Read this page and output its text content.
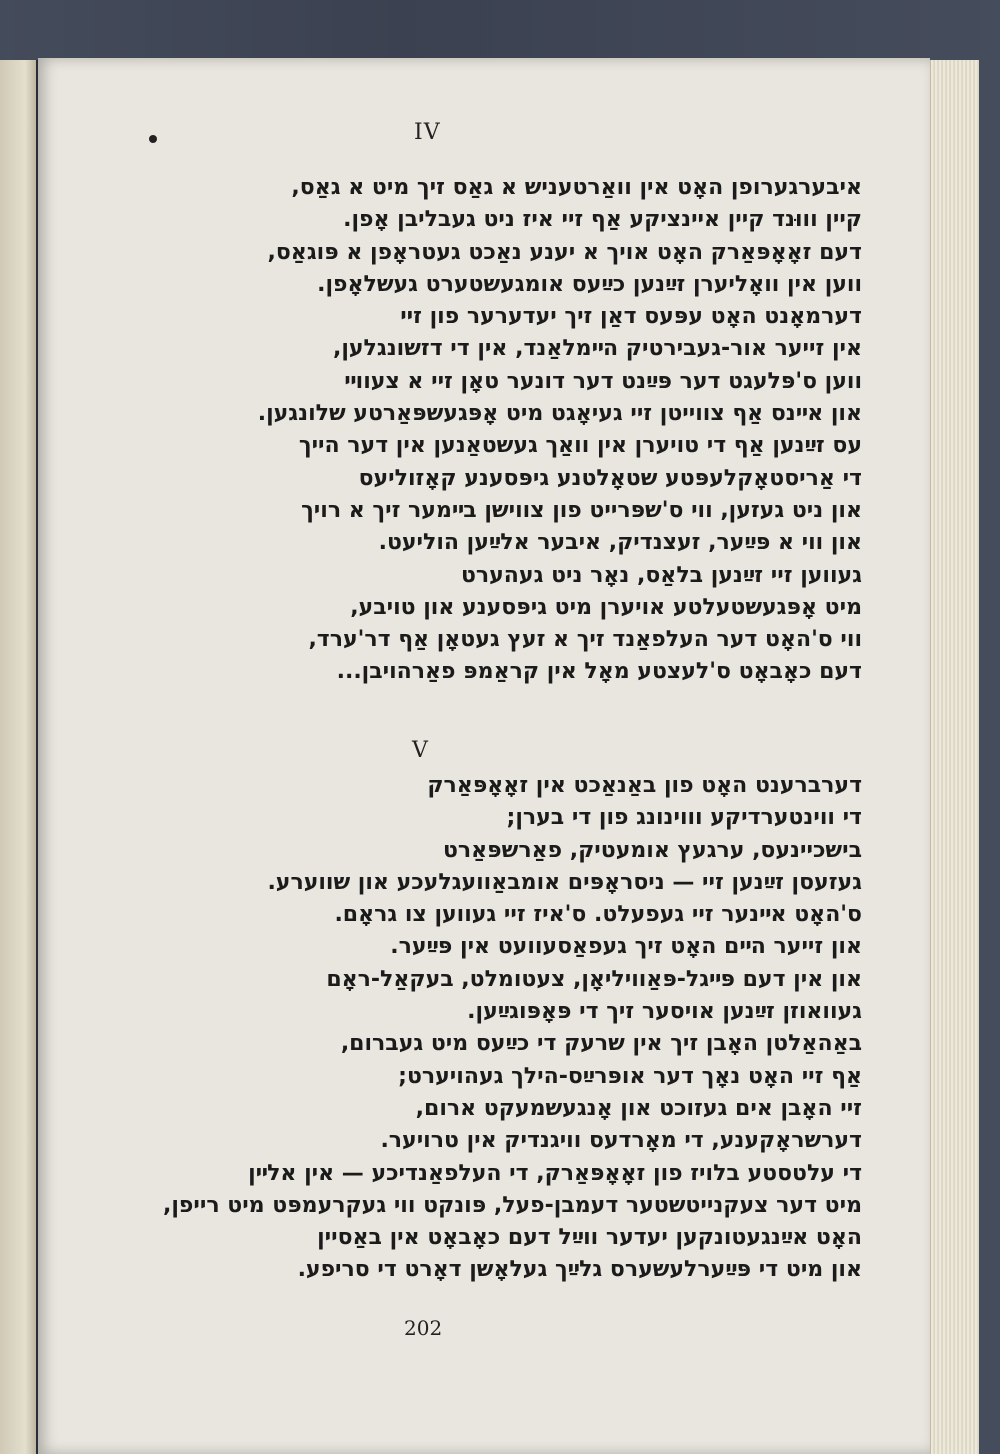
IV
איבערגערופן האָט אין וואַרטעניש א גאַס זיך מיט א גאַס,
קיין וווּנד קיין איינציקע אַף זיי איז ניט געבליבן אָפן.
דעם זאָאָפּאַרק האָט אויך א יענע נאַכט געטראָפן א פּוגאַס,
ווען אין וואָליערן זײַנען כײַעס אומגעשטערט געשלאָפן.
דערמאָנט האָט עפּעס דאַן זיך יעדערער פון זיי
אין זייער אור-געבירטיק הײמלאַנד, אין די דזשונגלען,
ווען ס'פּלעגט דער פּײַנט דער דונער טאָן זיי א צעווײ
און אײנס אַף צווייטן זיי געיאָגט מיט אָפּגעשפּאַרטע שלונגען.
עס זײַנען אַף די טויערן אין וואַך געשטאַנען אין דער הייך
די אַריסטאָקלעפּטע שטאָלטנע גיפּסענע קאָזוליעס
און ניט געזען, ווי ס'שפּרייט פון צווישן בײמער זיך א רויך
און ווי א פּײַער, זעצנדיק, איבער אלײַען הוליעט.
געווען זיי זײַנען בלאַס, נאָר ניט געהערט
מיט אָפּגעשטעלטע אויערן מיט גיפּסענע און טויבע,
ווי ס'האָט דער העלפאַנד זיך א זעץ געטאָן אַף דר'ערד,
דעם כאָבאָט ס'לעצטע מאָל אין קראַמפּ פאַרהויבן...
V
דערברענט האָט פון באַנאַכט אין זאָאָפּאַרק
די ווינטערדיקע וווינונג פון די בערן;
בישכיינעס, ערגעץ אומעטיק, פאַרשפּאַרט
געזעסן זײַנען זיי — ניסראָפּים אומבאַוועגלעכע און שווערע.
ס'האָט אײנער זיי געפעלט. ס'איז זיי געווען צו גראָם.
און זייער הײם האָט זיך געפאַסעוועט אין פּײַער.
און אין דעם פּײגל-פּאַוויליאָן, צעטומלט, בעקאַל-ראָם
געוואוזן זײַנען אויסער זיך די פּאָפּוגײַען.
באַהאַלטן האָבן זיך אין שרעק די כײַעס מיט געברום,
אַף זיי האָט נאָך דער אופּרײַס-הילך געהויערט;
זיי האָבן אים געזוכט און אָנגעשמעקט ארום,
דערשראָקענע, די מאָרדעס וויגנדיק אין טרויער.
די עלטסטע בלויז פון זאָאָפּאַרק, די העלפאַנדיכע — אין אלײן
מיט דער צעקנייטשטער דעמבן-פעל, פּונקט ווי געקרעמפּט מיט רייפן,
האָט אײַנגעטונקען יעדער ווײַל דעם כאָבאָט אין באַסיין
און מיט די פּײַערלעשערס גלײַך געלאָשן דאָרט די סריפע.
202
